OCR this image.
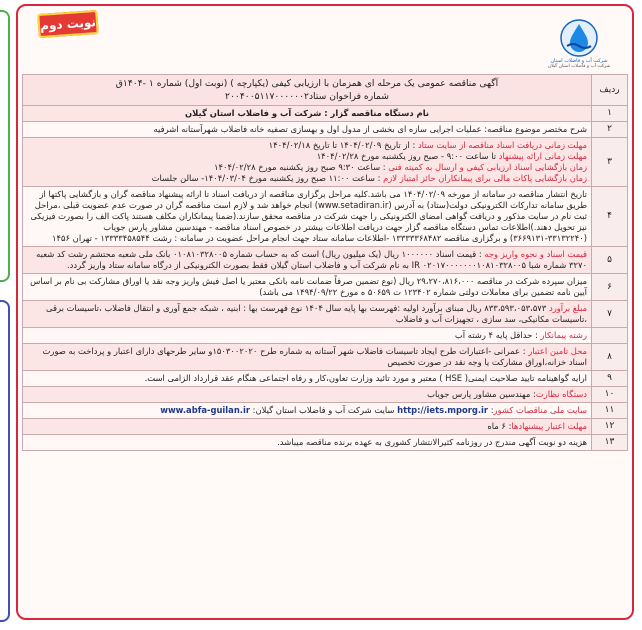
نوبت دوم
شرکت آب و فاضلاب استان
شرکت آب و فاضلاب استان گیلان
ردیف	آگهی مناقصه عمومی یک مرحله ای همزمان با ارزیابی کیفی (یکپارچه ) (نوبت اول) شماره ۱ -۱۴۰۴ق
شماره فراخوان ستاد۲۰۰۴۰۰۵۱۱۷۰۰۰۰۰۰۲

۱	نام دستگاه مناقصه گزار : شرکت آب و فاضلاب استان گیلان
۲	شرح مختصر موضوع مناقصه: عملیات اجرایی سازه ای بخشی از مدول اول و بهسازی تصفیه خانه فاضلاب شهرآستانه اشرفیه
۳	مهلت زمانی دریافت اسناد مناقصه از سایت ستاد : از تاریخ ۱۴۰۴/۰۲/۰۹ تا تاریخ ۱۴۰۴/۰۲/۱۸
مهلت زمانی ارائه پیشنهاد تا ساعت ۹:۰۰ - صبح روز یکشنبه مورخ ۱۴۰۴/۰۲/۲۸
زمان بازگشایی اسناد ارزیابی کیفی و ارسال به کمیته فنی : ساعت ۹:۳۰ صبح روز یکشنبه مورخ ۱۴۰۴/۰۲/۲۸
زمان بازگشایی پاکات مالی برای پیمانکاران حائز امتیاز لازم : ساعت ۱۱:۰۰ صبح روز یکشنبه مورخ ۱۴۰۴/۰۳/۰۴- سالن جلسات

۴	تاریخ انتشار مناقصه در سامانه از مورخه ۱۴۰۴/۰۲/۰۹ می باشد.کلیه مراحل برگزاری مناقصه از دریافت اسناد تا ارائه پیشنهاد مناقصه گران و بازگشایی پاکتها از طریق سامانه تدارکات الکترونیکی دولت(ستاد) به آدرس (www.setadiran.ir) انجام خواهد شد و لازم است مناقصه گران در صورت عدم عضویت قبلی ،مراحل ثبت نام در سایت مذکور و دریافت گواهی امضای الکترونیکی را جهت شرکت در مناقصه محقق سازند.(ضمنا پیمانکاران مکلف هستند پاکت الف را بصورت فیزیکی نیز تحویل دهند.)اطلاعات تماس دستگاه مناقصه گزار جهت دریافت اطلاعات بیشتر در خصوص اسناد مناقصه - مهندسین مشاور پارس جویاب (۳۳۱۳۲۲۴۰-۳۶۶۹۱۳۱) و برگزاری مناقصه ۱۳۳۳۳۳۶۸۴۸۲ -اطلاعات سامانه ستاد جهت انجام مراحل عضویت در سامانه : رشت ۱۳۳۳۳۴۵۸۵۴۴ - تهران ۱۴۵۶
۵	قیمت اسناد و نحوه واریز وجه : قیمت اسناد ۱۰۰۰۰۰۰ ریال (یک میلیون ریال) است که به حساب شماره ۰۱۰۸۱۰۳۲۸۰۰۵ بانک ملی شعبه محتشم رشت کد شعبه ۳۲۷۰ شماره شبا IR ۰۲۰۱۷۰۰۰۰۰۰۰۱۰۸۱۰۳۲۸۰۰۵ به نام شرکت آب و فاضلاب استان گیلان فقط بصورت الکترونیکی از درگاه سامانه ستاد واریز گردد.
۶	میزان سپرده شرکت در مناقصه ۲۹،۲۷۰،۸۱۶،۰۰۰ ریال (نوع تضمین صرفاً ضمانت نامه بانکی معتبر یا اصل فیش واریز وجه نقد یا اوراق مشارکت بی نام بر اساس آیین نامه تضمین برای معاملات دولتی شماره ۱۲۳۴۰۲ ت ۵۰۶۵۹ ه مورخ ۱۴۹۴/۰۹/۲۲ می باشد)
۷	مبلغ برآورد ۸۳۳،۵۹۳،۰۵۳،۵۷۳ ریال مبنای برآورد اولیه :فهرست بها پایه سال ۱۴۰۴ نوع فهرست بها : ابنیه ، شبکه جمع آوری و انتقال فاضلاب ،تاسیسات برقی ،تاسیسات مکانیکی، سد سازی ، تجهیزات آب و فاضلاب
	رشته پیمانکار : حداقل پایه ۴ رشته آب
۸	محل تامین اعتبار : عمرانی -اعتبارات طرح ایجاد تاسیسات فاضلاب شهر آستانه به شماره طرح ۱۵۰۳۰۰۲۰۲۰و سایر طرحهای دارای اعتبار و پرداخت به صورت اسناد خزانه،اوراق مشارکت یا وجه نقد در صورت تخصیص
۹	ارایه گواهینامه تایید صلاحیت ایمنی( HSE ) معتبر و مورد تائید وزارت تعاون،کار و رفاه اجتماعی هنگام عقد قرارداد الزامی است.
۱۰	دستگاه نظارت: مهندسین مشاور پارس جویاب
۱۱	سایت ملی مناقصات کشور: http://iets.mporg.ir سایت شرکت آب و فاضلاب استان گیلان: www.abfa-guilan.ir
۱۲	مهلت اعتبار پیشنهادها: ۶ ماه
۱۳	هزینه دو نوبت آگهی مندرج در روزنامه کثیرالانتشار کشوری به عهده برنده مناقصه میباشد.
